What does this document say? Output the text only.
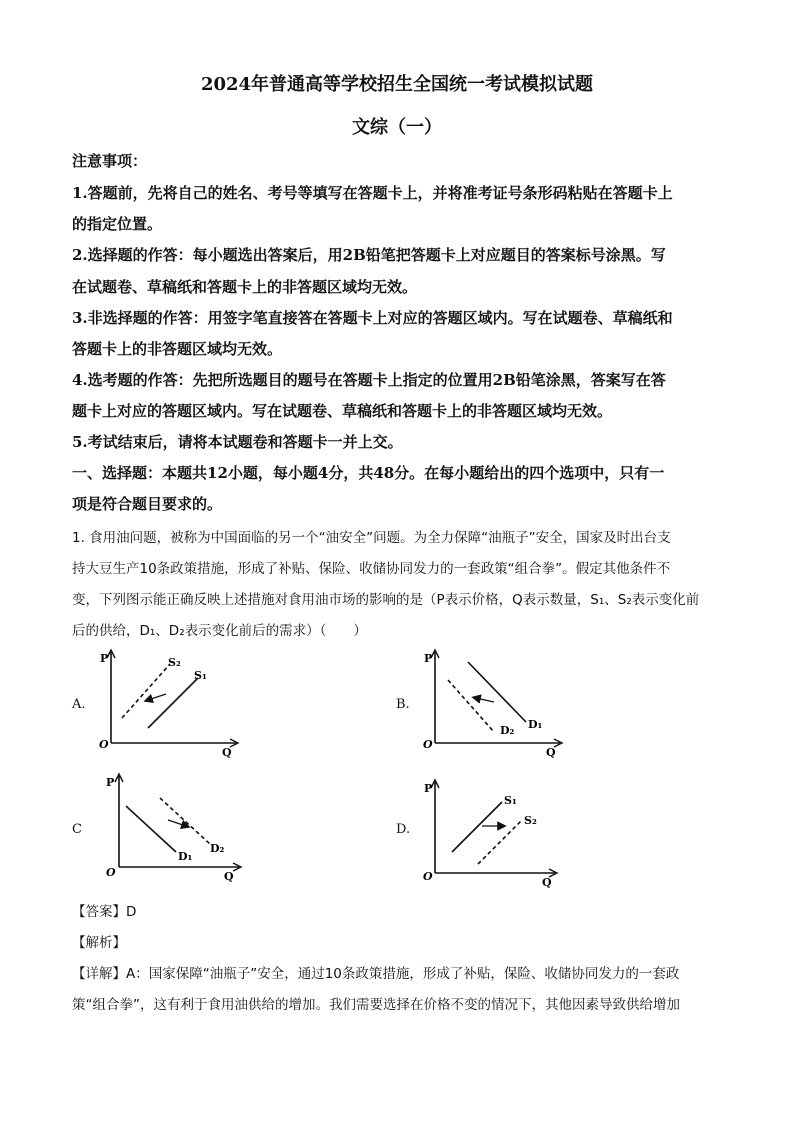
2024年普通高等学校招生全国统一考试模拟试题
文综（一）
注意事项：
1.答题前，先将自己的姓名、考号等填写在答题卡上，并将准考证号条形码粘贴在答题卡上
的指定位置。
2.选择题的作答：每小题选出答案后，用2B铅笔把答题卡上对应题目的答案标号涂黑。写
在试题卷、草稿纸和答题卡上的非答题区域均无效。
3.非选择题的作答：用签字笔直接答在答题卡上对应的答题区域内。写在试题卷、草稿纸和
答题卡上的非答题区域均无效。
4.选考题的作答：先把所选题目的题号在答题卡上指定的位置用2B铅笔涂黑，答案写在答
题卡上对应的答题区域内。写在试题卷、草稿纸和答题卡上的非答题区域均无效。
5.考试结束后，请将本试题卷和答题卡一并上交。
一、选择题：本题共12小题，每小题4分，共48分。在每小题给出的四个选项中，只有一
项是符合题目要求的。
1. 食用油问题，被称为中国面临的另一个“油安全”问题。为全力保障“油瓶子”安全，国家及时出台支
持大豆生产10条政策措施，形成了补贴、保险、收储协同发力的一套政策“组合拳”。假定其他条件不
变，下列图示能正确反映上述措施对食用油市场的影响的是（P表示价格，Q表示数量，S₁、S₂表示变化前
后的供给，D₁、D₂表示变化前后的需求）（　　）
A.	B.
C	D.
P
Q
O
S₂
S₁
P
Q
O
D₂ D₁
P
Q
O
D₁
D₂
P
Q
O
S₁
S₂
【答案】D
【解析】
【详解】A：国家保障“油瓶子”安全，通过10条政策措施，形成了补贴，保险、收储协同发力的一套政
策“组合拳”，这有利于食用油供给的增加。我们需要选择在价格不变的情况下，其他因素导致供给增加
